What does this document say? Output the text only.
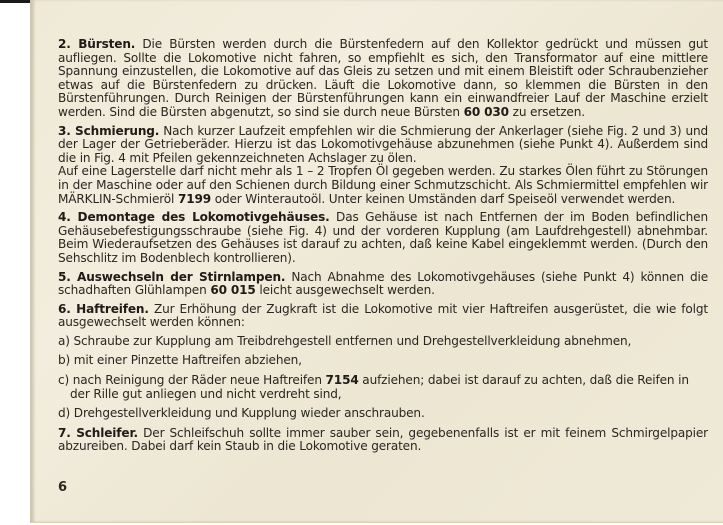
2. Bürsten. Die Bürsten werden durch die Bürstenfedern auf den Kollektor gedrückt und müssen gut aufliegen. Sollte die Lokomotive nicht fahren, so empfiehlt es sich, den Transformator auf eine mittlere Spannung einzustellen, die Lokomotive auf das Gleis zu setzen und mit einem Bleistift oder Schraubenzieher etwas auf die Bürstenfedern zu drücken. Läuft die Lokomotive dann, so klemmen die Bürsten in den Bürstenführungen. Durch Reinigen der Bürstenführungen kann ein einwandfreier Lauf der Maschine erzielt werden. Sind die Bürsten abgenutzt, so sind sie durch neue Bürsten 60 030 zu ersetzen.

3. Schmierung. Nach kurzer Laufzeit empfehlen wir die Schmierung der Ankerlager (siehe Fig. 2 und 3) und der Lager der Getrieberäder. Hierzu ist das Lokomotivgehäuse abzunehmen (siehe Punkt 4). Außerdem sind die in Fig. 4 mit Pfeilen gekennzeichneten Achslager zu ölen.
Auf eine Lagerstelle darf nicht mehr als 1 – 2 Tropfen Öl gegeben werden. Zu starkes Ölen führt zu Störungen in der Maschine oder auf den Schienen durch Bildung einer Schmutzschicht. Als Schmiermittel empfehlen wir MÄRKLIN-Schmieröl 7199 oder Winterautoöl. Unter keinen Umständen darf Speiseöl verwendet werden.

4. Demontage des Lokomotivgehäuses. Das Gehäuse ist nach Entfernen der im Boden befindlichen Gehäusebefestigungsschraube (siehe Fig. 4) und der vorderen Kupplung (am Laufdrehgestell) abnehmbar. Beim Wiederaufsetzen des Gehäuses ist darauf zu achten, daß keine Kabel eingeklemmt werden. (Durch den Sehschlitz im Bodenblech kontrollieren).

5. Auswechseln der Stirnlampen. Nach Abnahme des Lokomotivgehäuses (siehe Punkt 4) können die schadhaften Glühlampen 60 015 leicht ausgewechselt werden.

6. Haftreifen. Zur Erhöhung der Zugkraft ist die Lokomotive mit vier Haftreifen ausgerüstet, die wie folgt ausgewechselt werden können:

a) Schraube zur Kupplung am Treibdrehgestell entfernen und Drehgestellverkleidung abnehmen,

b) mit einer Pinzette Haftreifen abziehen,

c) nach Reinigung der Räder neue Haftreifen 7154 aufziehen; dabei ist darauf zu achten, daß die Reifen in der Rille gut anliegen und nicht verdreht sind,

d) Drehgestellverkleidung und Kupplung wieder anschrauben.

7. Schleifer. Der Schleifschuh sollte immer sauber sein, gegebenenfalls ist er mit feinem Schmirgelpapier abzureiben. Dabei darf kein Staub in die Lokomotive geraten.

6
